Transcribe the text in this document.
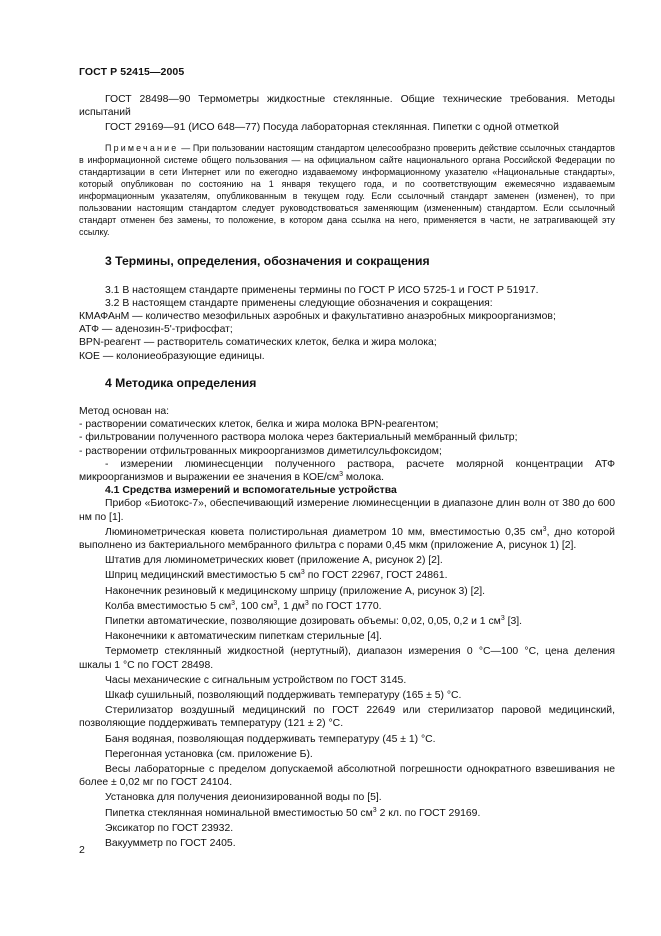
ГОСТ Р 52415—2005

ГОСТ 28498—90 Термометры жидкостные стеклянные. Общие технические требования. Методы испытаний

ГОСТ 29169—91 (ИСО 648—77) Посуда лабораторная стеклянная. Пипетки с одной отметкой

Примечание — При пользовании настоящим стандартом целесообразно проверить действие ссылочных стандартов в информационной системе общего пользования — на официальном сайте национального органа Российской Федерации по стандартизации в сети Интернет или по ежегодно издаваемому информационному указателю «Национальные стандарты», который опубликован по состоянию на 1 января текущего года, и по соответствующим ежемесячно издаваемым информационным указателям, опубликованным в текущем году. Если ссылочный стандарт заменен (изменен), то при пользовании настоящим стандартом следует руководствоваться заменяющим (измененным) стандартом. Если ссылочный стандарт отменен без замены, то положение, в котором дана ссылка на него, применяется в части, не затрагивающей эту ссылку.

3 Термины, определения, обозначения и сокращения

3.1 В настоящем стандарте применены термины по ГОСТ Р ИСО 5725-1 и ГОСТ Р 51917.

3.2 В настоящем стандарте применены следующие обозначения и сокращения:

КМАФАнМ — количество мезофильных аэробных и факультативно анаэробных микроорганизмов;

АТФ — аденозин-5'-трифосфат;

BPN-реагент — растворитель соматических клеток, белка и жира молока;

КОЕ — колониеобразующие единицы.

4 Методика определения

Метод основан на:

- растворении соматических клеток, белка и жира молока BPN-реагентом;

- фильтровании полученного раствора молока через бактериальный мембранный фильтр;

- растворении отфильтрованных микроорганизмов диметилсульфоксидом;

- измерении люминесценции полученного раствора, расчете молярной концентрации АТФ микроорганизмов и выражении ее значения в КОЕ/$см^3$ молока.

4.1 Средства измерений и вспомогательные устройства

Прибор «Биотокс-7», обеспечивающий измерение люминесценции в диапазоне длин волн от 380 до 600 нм по [1].

Люминометрическая кювета полистирольная диаметром 10 мм, вместимостью 0,35 $см^3$, дно которой выполнено из бактериального мембранного фильтра с порами 0,45 мкм (приложение А, рисунок 1) [2].

Штатив для люминометрических кювет (приложение А, рисунок 2) [2].

Шприц медицинский вместимостью 5 $см^3$ по ГОСТ 22967, ГОСТ 24861.

Наконечник резиновый к медицинскому шприцу (приложение А, рисунок 3) [2].

Колба вместимостью 5 $см^3$, 100 $см^3$, 1 $дм^3$ по ГОСТ 1770.

Пипетки автоматические, позволяющие дозировать объемы: 0,02, 0,05, 0,2 и 1 $см^3$ [3].

Наконечники к автоматическим пипеткам стерильные [4].

Термометр стеклянный жидкостной (нертутный), диапазон измерения 0 °С—100 °С, цена деления шкалы 1 °С по ГОСТ 28498.

Часы механические с сигнальным устройством по ГОСТ 3145.

Шкаф сушильный, позволяющий поддерживать температуру (165 ± 5) °С.

Стерилизатор воздушный медицинский по ГОСТ 22649 или стерилизатор паровой медицинский, позволяющие поддерживать температуру (121 ± 2) °С.

Баня водяная, позволяющая поддерживать температуру (45 ± 1) °С.

Перегонная установка (см. приложение Б).

Весы лабораторные с пределом допускаемой абсолютной погрешности однократного взвешивания не более ± 0,02 мг по ГОСТ 24104.

Установка для получения деионизированной воды по [5].

Пипетка стеклянная номинальной вместимостью 50 $см^3$ 2 кл. по ГОСТ 29169.

Эксикатор по ГОСТ 23932.

Вакуумметр по ГОСТ 2405.

2
